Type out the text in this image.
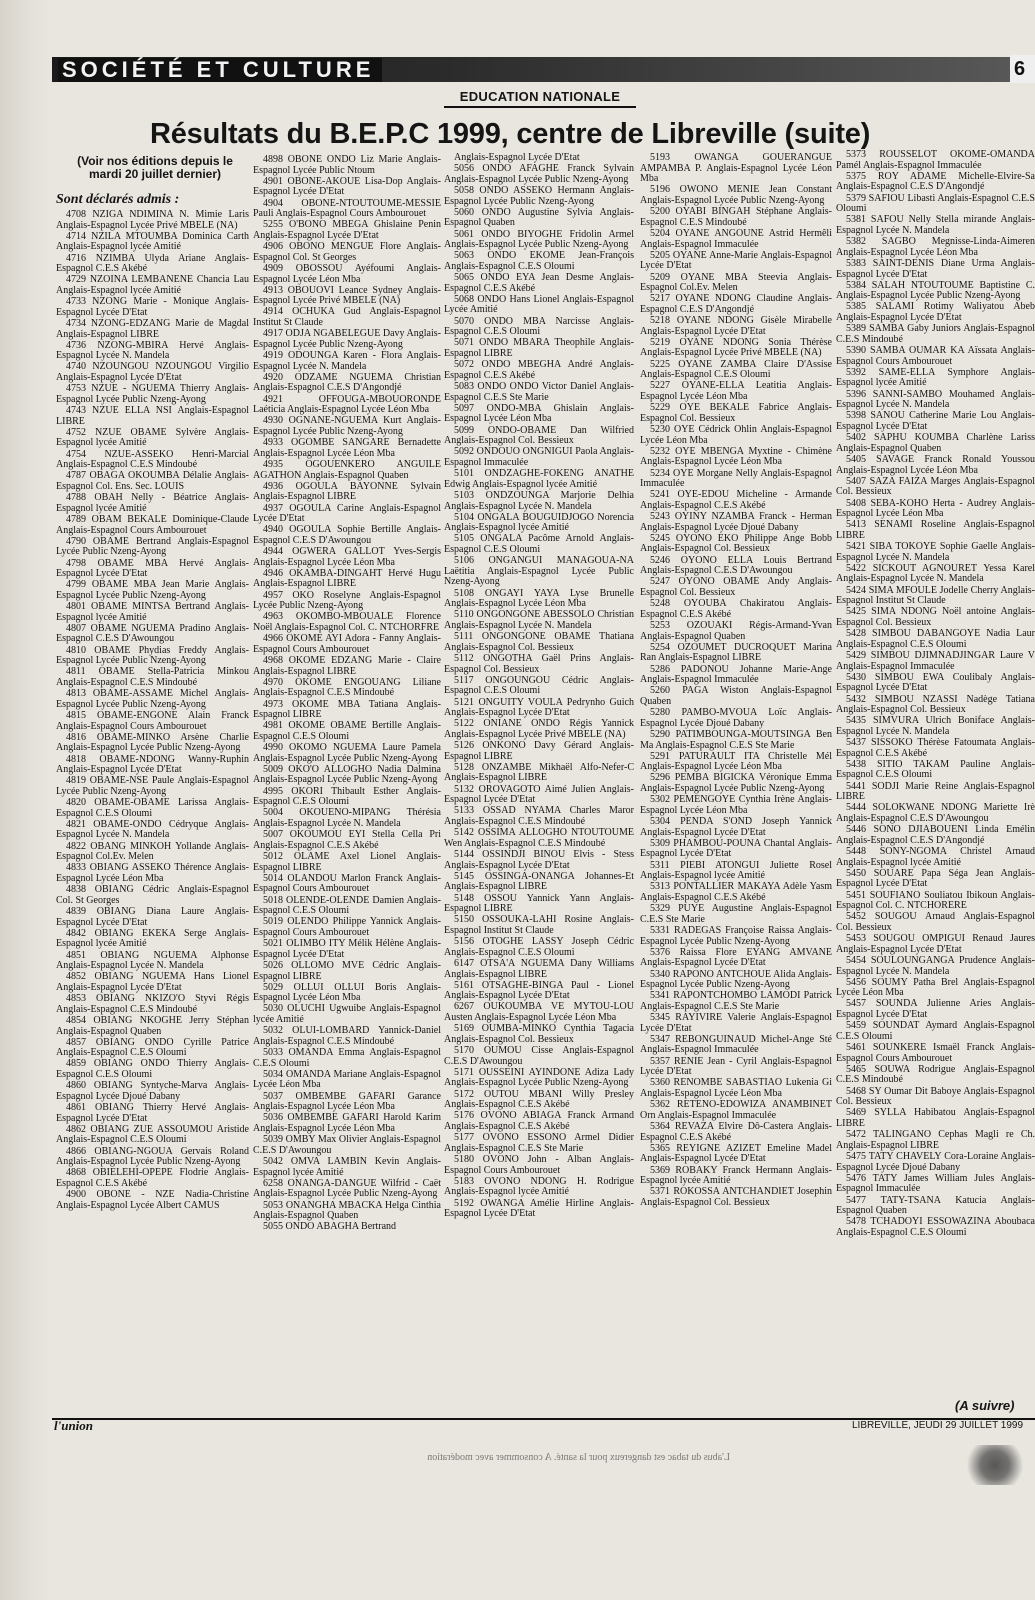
SOCIÉTÉ ET CULTURE	6
EDUCATION NATIONALE
Résultats du B.E.P.C 1999, centre de Libreville (suite)
(Voir nos éditions depuis le mardi 20 juillet dernier)
Sont déclarés admis :

4708 NZIGA NDIMINA N. Mimie Laris Anglais-Espagnol Lycée Privé MBELE (NA)

4714 NZILA MTOUMBA Dominica Carth Anglais-Espagnol lycée Amitié

4716 NZIMBA Ulyda Ariane Anglais-Espagnol C.E.S Akébé

4729 NZOINA LEMBANENE Chancia Lau Anglais-Espagnol lycée Amitié

4733 NZONG Marie - Monique Anglais-Espagnol Lycée D'Etat

4734 NZONG-EDZANG Marie de Magdal Anglais-Espagnol LIBRE

4736 NZONG-MBIRA Hervé Anglais-Espagnol Lycée N. Mandela

4740 NZOUNGOU NZOUNGOU Virgilio Anglais-Espagnol Lycée D'Etat

4753 NZUE - NGUEMA Thierry Anglais-Espagnol Lycée Public Nzeng-Ayong

4743 NZUE ELLA NSI Anglais-Espagnol LIBRE

4752 NZUE OBAME Sylvère Anglais-Espagnol lycée Amitié

4754 NZUE-ASSEKO Henri-Marcial Anglais-Espagnol C.E.S Mindoubé

4787 OBAGA OKOUMBA Délalie Anglais-Espagnol Col. Ens. Sec. LOUIS

4788 OBAH Nelly - Béatrice Anglais-Espagnol lycée Amitié

4789 OBAM BEKALE Dominique-Claude Anglais-Espagnol Cours Ambourouet

4790 OBAME Bertrand Anglais-Espagnol Lycée Public Nzeng-Ayong

4798 OBAME MBA Hervé Anglais-Espagnol Lycée D'Etat

4799 OBAME MBA Jean Marie Anglais-Espagnol Lycée Public Nzeng-Ayong

4801 OBAME MINTSA Bertrand Anglais-Espagnol lycée Amitié

4807 OBAME NGUEMA Pradino Anglais-Espagnol C.E.S D'Awoungou

4810 OBAME Phydias Freddy Anglais-Espagnol Lycée Public Nzeng-Ayong

4811 OBAME Stella-Patricia Minkou Anglais-Espagnol C.E.S Mindoubé

4813 OBAME-ASSAME Michel Anglais-Espagnol Lycée Public Nzeng-Ayong

4815 OBAME-ENGONE Alain Franck Anglais-Espagnol Cours Ambourouet

4816 OBAME-MINKO Arsène Charlie Anglais-Espagnol Lycée Public Nzeng-Ayong

4818 OBAME-NDONG Wanny-Ruphin Anglais-Espagnol Lycée D'Etat

4819 OBAME-NSE Paule Anglais-Espagnol Lycée Public Nzeng-Ayong

4820 OBAME-OBAME Larissa Anglais-Espagnol C.E.S Oloumi

4821 OBAME-ONDO Cédryque Anglais-Espagnol Lycée N. Mandela

4822 OBANG MINKOH Yollande Anglais-Espagnol Col.Ev. Melen

4833 OBIANG ASSEKO Thérence Anglais-Espagnol Lycée Léon Mba

4838 OBIANG Cédric Anglais-Espagnol Col. St Georges

4839 OBIANG Diana Laure Anglais-Espagnol Lycée D'Etat

4842 OBIANG EKEKA Serge Anglais-Espagnol lycée Amitié

4851 OBIANG NGUEMA Alphonse Anglais-Espagnol Lycée N. Mandela

4852 OBIANG NGUEMA Hans Lionel Anglais-Espagnol Lycée D'Etat

4853 OBIANG NKIZO'O Styvi Régis Anglais-Espagnol C.E.S Mindoubé

4854 OBIANG NKOGHE Jerry Stéphan Anglais-Espagnol Quaben

4857 OBIANG ONDO Cyrille Patrice Anglais-Espagnol C.E.S Oloumi

4859 OBIANG ONDO Thierry Anglais-Espagnol C.E.S Oloumi

4860 OBIANG Syntyche-Marva Anglais-Espagnol Lycée Djoué Dabany

4861 OBIANG Thierry Hervé Anglais-Espagnol Lycée D'Etat

4862 OBIANG ZUE ASSOUMOU Aristide Anglais-Espagnol C.E.S Oloumi

4866 OBIANG-NGOUA Gervais Roland Anglais-Espagnol Lycée Public Nzeng-Ayong

4868 OBIELEHI-OPEPE Flodrie Anglais-Espagnol C.E.S Akébé

4900 OBONE - NZE Nadia-Christine Anglais-Espagnol Lycée Albert CAMUS

4898 OBONE ONDO Liz Marie Anglais-Espagnol Lycée Public Ntoum

4901 OBONE-AKOUE Lisa-Dop Anglais-Espagnol Lycée D'Etat

4904 OBONE-NTOUTOUME-MESSIE Pauli Anglais-Espagnol Cours Ambourouet

5255 O'BONO MBEGA Ghislaine Penin Anglais-Espagnol Lycée D'Etat

4906 OBONO MENGUE Flore Anglais-Espagnol Col. St Georges

4909 OBOSSOU Ayéfoumi Anglais-Espagnol Lycée Léon Mba

4913 OBOUOVI Leance Sydney Anglais-Espagnol Lycée Privé MBELE (NA)

4914 OCHUKA Gud Anglais-Espagnol Institut St Claude

4917 ODJA NGABELEGUE Davy Anglais-Espagnol Lycée Public Nzeng-Ayong

4919 ODOUNGA Karen - Flora Anglais-Espagnol Lycée N. Mandela

4920 ODZAME NGUEMA Christian Anglais-Espagnol C.E.S D'Angondjé

4921 OFFOUGA-MBOUORONDE Laéticia Anglais-Espagnol Lycée Léon Mba

4930 OGNANE-NGUEMA Kurt Anglais-Espagnol Lycée Public Nzeng-Ayong

4933 OGOMBE SANGARE Bernadette Anglais-Espagnol Lycée Léon Mba

4935 OGOUENKERO ANGUILE AGATHON Anglais-Espagnol Quaben

4936 OGOULA BAYONNE Sylvain Anglais-Espagnol LIBRE

4937 OGOULA Carine Anglais-Espagnol Lycée D'Etat

4940 OGOULA Sophie Bertille Anglais-Espagnol C.E.S D'Awoungou

4944 OGWERA GALLOT Yves-Sergis Anglais-Espagnol Lycée Léon Mba

4946 OKAMBA-DINGAHT Hervé Hugu Anglais-Espagnol LIBRE

4957 OKO Roselyne Anglais-Espagnol Lycée Public Nzeng-Ayong

4963 OKOMBO-MBOUALE Florence Noël Anglais-Espagnol Col. C. NTCHORFRE

4966 OKOME AYI Adora - Fanny Anglais-Espagnol Cours Ambourouet

4968 OKOME EDZANG Marie - Claire Anglais-Espagnol LIBRE

4970 OKOME ENGOUANG Liliane Anglais-Espagnol C.E.S Mindoubé

4973 OKOME MBA Tatiana Anglais-Espagnol LIBRE

4981 OKOME OBAME Bertille Anglais-Espagnol C.E.S Oloumi

4990 OKOMO NGUEMA Laure Pamela Anglais-Espagnol Lycée Public Nzeng-Ayong

5009 OKO'O ALLOGHO Nadia Dalmina Anglais-Espagnol Lycée Public Nzeng-Ayong

4995 OKORI Thibault Esther Anglais-Espagnol C.E.S Oloumi

5004 OKOUENO-MIPANG Thérésia Anglais-Espagnol Lycée N. Mandela

5007 OKOUMOU EYI Stella Cella Pri Anglais-Espagnol C.E.S Akébé

5012 OLAME Axel Lionel Anglais-Espagnol LIBRE

5014 OLANDOU Marlon Franck Anglais-Espagnol Cours Ambourouet

5018 OLENDE-OLENDE Damien Anglais-Espagnol C.E.S Oloumi

5019 OLENDO Philippe Yannick Anglais-Espagnol Cours Ambourouet

5021 OLIMBO ITY Mélik Hélène Anglais-Espagnol Lycée D'Etat

5026 OLLOMO MVE Cédric Anglais-Espagnol LIBRE

5029 OLLUI OLLUI Boris Anglais-Espagnol Lycée Léon Mba

5030 OLUCHI Ugwuibe Anglais-Espagnol lycée Amitié

5032 OLUI-LOMBARD Yannick-Daniel Anglais-Espagnol C.E.S Mindoubé

5033 OMANDA Emma Anglais-Espagnol C.E.S Oloumi

5034 OMANDA Mariane Anglais-Espagnol Lycée Léon Mba

5037 OMBEMBE GAFARI Garance Anglais-Espagnol Lycée Léon Mba

5036 OMBEMBE GAFARI Harold Karim Anglais-Espagnol Lycée Léon Mba

5039 OMBY Max Olivier Anglais-Espagnol C.E.S D'Awoungou

5042 OMVA LAMBIN Kevin Anglais-Espagnol lycée Amitié

6258 ONANGA-DANGUE Wilfrid - Caët Anglais-Espagnol Lycée Public Nzeng-Ayong

5053 ONANGHA MBACKA Helga Cinthia Anglais-Espagnol Quaben

5055 ONDO ABAGHA Bertrand

Anglais-Espagnol Lycée D'Etat

5056 ONDO AFAGHE Franck Sylvain Anglais-Espagnol Lycée Public Nzeng-Ayong

5058 ONDO ASSEKO Hermann Anglais-Espagnol Lycée Public Nzeng-Ayong

5060 ONDO Augustine Sylvia Anglais-Espagnol Quaben

5061 ONDO BIYOGHE Fridolin Armel Anglais-Espagnol Lycée Public Nzeng-Ayong

5063 ONDO EKOME Jean-François Anglais-Espagnol C.E.S Oloumi

5065 ONDO EYA Jean Desme Anglais-Espagnol C.E.S Akébé

5068 ONDO Hans Lionel Anglais-Espagnol Lycée Amitié

5070 ONDO MBA Narcisse Anglais-Espagnol C.E.S Oloumi

5071 ONDO MBARA Theophile Anglais-Espagnol LIBRE

5072 ONDO MBEGHA André Anglais-Espagnol C.E.S Akébé

5083 ONDO ONDO Victor Daniel Anglais-Espagnol C.E.S Ste Marie

5097 ONDO-MBA Ghislain Anglais-Espagnol Lycée Léon Mba

5099 ONDO-OBAME Dan Wilfried Anglais-Espagnol Col. Bessieux

5092 ONDOUO ONGNIGUI Paola Anglais-Espagnol Immaculée

5101 ONDZAGHE-FOKENG ANATHE Edwig Anglais-Espagnol lycée Amitié

5103 ONDZOUNGA Marjorie Delhia Anglais-Espagnol Lycée N. Mandela

5104 ONGALA BOUGUIDJOGO Norencia Anglais-Espagnol lycée Amitié

5105 ONGALA Pacôme Arnold Anglais-Espagnol C.E.S Oloumi

5106 ONGANGUI MANAGOUA-NA Laëtitia Anglais-Espagnol Lycée Public Nzeng-Ayong

5108 ONGAYI YAYA Lyse Brunelle Anglais-Espagnol Lycée Léon Mba

5110 ONGONGONE ABESSOLO Christian Anglais-Espagnol Lycée N. Mandela

5111 ONGONGONE OBAME Thatiana Anglais-Espagnol Col. Bessieux

5112 ONGOTHA Gaël Prins Anglais-Espagnol Col. Bessieux

5117 ONGOUNGOU Cédric Anglais-Espagnol C.E.S Oloumi

5121 ONGUITY VOULA Pedrynho Guich Anglais-Espagnol Lycée D'Etat

5122 ONIANE ONDO Régis Yannick Anglais-Espagnol Lycée Privé MBELE (NA)

5126 ONKONO Davy Gérard Anglais-Espagnol LIBRE

5128 ONZAMBE Mikhaël Alfo-Nefer-C Anglais-Espagnol LIBRE

5132 OROVAGOTO Aimé Julien Anglais-Espagnol Lycée D'Etat

5133 OSSAD NYAMA Charles Maror Anglais-Espagnol C.E.S Mindoubé

5142 OSSIMA ALLOGHO NTOUTOUME Wen Anglais-Espagnol C.E.S Mindoubé

5144 OSSINDJI BINOU Elvis - Stess Anglais-Espagnol Lycée D'Etat

5145 OSSINGA-ONANGA Johannes-Et Anglais-Espagnol LIBRE

5148 OSSOU Yannick Yann Anglais-Espagnol LIBRE

5150 OSSOUKA-LAHI Rosine Anglais-Espagnol Institut St Claude

5156 OTOGHE LASSY Joseph Cédric Anglais-Espagnol C.E.S Oloumi

6147 OTSA'A NGUEMA Dany Williams Anglais-Espagnol LIBRE

5161 OTSAGHE-BINGA Paul - Lionel Anglais-Espagnol Lycée D'Etat

6267 OUKOUMBA VE MYTOU-LOU Austen Anglais-Espagnol Lycée Léon Mba

5169 OUMBA-MINKO Cynthia Tagacia Anglais-Espagnol Col. Bessieux

5170 OUMOU Cisse Anglais-Espagnol C.E.S D'Awoungou

5171 OUSSEINI AYINDONE Adiza Lady Anglais-Espagnol Lycée Public Nzeng-Ayong

5172 OUTOU MBANI Willy Presley Anglais-Espagnol C.E.S Akébé

5176 OVONO ABIAGA Franck Armand Anglais-Espagnol C.E.S Akébé

5177 OVONO ESSONO Armel Didier Anglais-Espagnol C.E.S Ste Marie

5180 OVONO John - Alban Anglais-Espagnol Cours Ambourouet

5183 OVONO NDONG H. Rodrigue Anglais-Espagnol lycée Amitié

5192 OWANGA Amélie Hirline Anglais-Espagnol Lycée D'Etat

5193 OWANGA GOUERANGUE AMPAMBA P. Anglais-Espagnol Lycée Léon Mba

5196 OWONO MENIE Jean Constant Anglais-Espagnol Lycée Public Nzeng-Ayong

5200 OYABI BINGAH Stéphane Anglais-Espagnol C.E.S Mindoubé

5204 OYANE ANGOUNE Astrid Hermêli Anglais-Espagnol Immaculée

5205 OYANE Anne-Marie Anglais-Espagnol Lycée D'Etat

5209 OYANE MBA Steevia Anglais-Espagnol Col.Ev. Melen

5217 OYANE NDONG Claudine Anglais-Espagnol C.E.S D'Angondjé

5218 OYANE NDONG Gisèle Mirabelle Anglais-Espagnol Lycée D'Etat

5219 OYANE NDONG Sonia Thérèse Anglais-Espagnol Lycée Privé MBELE (NA)

5225 OYANE ZAMBA Claire D'Assise Anglais-Espagnol C.E.S Oloumi

5227 OYANE-ELLA Leatitia Anglais-Espagnol Lycée Léon Mba

5229 OYE BEKALE Fabrice Anglais-Espagnol Col. Bessieux

5230 OYE Cédrick Ohlin Anglais-Espagnol Lycée Léon Mba

5232 OYE MBENGA Myxtine - Chimène Anglais-Espagnol Lycée Léon Mba

5234 OYE Morgane Nelly Anglais-Espagnol Immaculée

5241 OYE-EDOU Micheline - Armande Anglais-Espagnol C.E.S Akébé

5243 OYINY NZAMBA Franck - Herman Anglais-Espagnol Lycée Djoué Dabany

5245 OYONO EKO Philippe Ange Bobb Anglais-Espagnol Col. Bessieux

5246 OYONO ELLA Louis Bertrand Anglais-Espagnol C.E.S D'Awoungou

5247 OYONO OBAME Andy Anglais-Espagnol Col. Bessieux

5248 OYOUBA Chakiratou Anglais-Espagnol C.E.S Akébé

5253 OZOUAKI Régis-Armand-Yvan Anglais-Espagnol Quaben

5254 OZOUMET DUCROQUET Marina Ran Anglais-Espagnol LIBRE

5286 PADONOU Johanne Marie-Ange Anglais-Espagnol Immaculée

5260 PAGA Wiston Anglais-Espagnol Quaben

5280 PAMBO-MVOUA Loïc Anglais-Espagnol Lycée Djoué Dabany

5290 PATIMBOUNGA-MOUTSINGA Ben Ma Anglais-Espagnol C.E.S Ste Marie

5291 PATURAULT ITA Christelle Mél Anglais-Espagnol Lycée Léon Mba

5296 PEMBA BIGICKA Véronique Emma Anglais-Espagnol Lycée Public Nzeng-Ayong

5302 PEMENGOYE Cynthia Irène Anglais-Espagnol Lycée Léon Mba

5304 PENDA S'OND Joseph Yannick Anglais-Espagnol Lycée D'Etat

5309 PHAMBOU-POUNA Chantal Anglais-Espagnol Lycée D'Etat

5311 PIEBI ATONGUI Juliette Rosel Anglais-Espagnol lycée Amitié

5313 PONTALLIER MAKAYA Adèle Yasm Anglais-Espagnol C.E.S Akébé

5329 PUYE Augustine Anglais-Espagnol C.E.S Ste Marie

5331 RADEGAS Françoise Raissa Anglais-Espagnol Lycée Public Nzeng-Ayong

5376 Raissa Flore EYANG AMVANE Anglais-Espagnol Lycée D'Etat

5340 RAPONO ANTCHOUE Alida Anglais-Espagnol Lycée Public Nzeng-Ayong

5341 RAPONTCHOMBO LAMODI Patrick Anglais-Espagnol C.E.S Ste Marie

5345 RAYIVIRE Valerie Anglais-Espagnol Lycée D'Etat

5347 REBONGUINAUD Michel-Ange Sté Anglais-Espagnol Immaculée

5357 RENIE Jean - Cyril Anglais-Espagnol Lycée D'Etat

5360 RENOMBE SABASTIAO Lukenia Gi Anglais-Espagnol Lycée Léon Mba

5362 RETENO-EDOWIZA ANAMBINET Orn Anglais-Espagnol Immaculée

5364 REVAZA Elvire Dô-Castera Anglais-Espagnol C.E.S Akébé

5365 REYIGNE AZIZET Emeline Madel Anglais-Espagnol Lycée D'Etat

5369 ROBAKY Franck Hermann Anglais-Espagnol lycée Amitié

5371 ROKOSSA ANTCHANDIET Josephin Anglais-Espagnol Col. Bessieux

5373 ROUSSELOT OKOME-OMANDA Pamél Anglais-Espagnol Immaculée

5375 ROY ADAME Michelle-Elvire-Sa Anglais-Espagnol C.E.S D'Angondjé

5379 SAFIOU Libasti Anglais-Espagnol C.E.S Oloumi

5381 SAFOU Nelly Stella mirande Anglais-Espagnol Lycée N. Mandela

5382 SAGBO Megnisse-Linda-Aimeren Anglais-Espagnol Lycée Léon Mba

5383 SAINT-DENIS Diane Urma Anglais-Espagnol Lycée D'Etat

5384 SALAH NTOUTOUME Baptistine C. Anglais-Espagnol Lycée Public Nzeng-Ayong

5385 SALAMI Rotimy Waliyatou Abeb Anglais-Espagnol Lycée D'Etat

5389 SAMBA Gaby Juniors Anglais-Espagnol C.E.S Mindoubé

5390 SAMBA OUMAR KA Aïssata Anglais-Espagnol Cours Ambourouet

5392 SAME-ELLA Symphore Anglais-Espagnol lycée Amitié

5396 SANNI-SAMBO Mouhamed Anglais-Espagnol Lycée N. Mandela

5398 SANOU Catherine Marie Lou Anglais-Espagnol Lycée D'Etat

5402 SAPHU KOUMBA Charlène Lariss Anglais-Espagnol Quaben

5405 SAVAGE Franck Ronald Youssou Anglais-Espagnol Lycée Léon Mba

5407 SAZA FAIZA Marges Anglais-Espagnol Col. Bessieux

5408 SEBA-KOHO Herta - Audrey Anglais-Espagnol Lycée Léon Mba

5413 SENAMI Roseline Anglais-Espagnol LIBRE

5421 SIBA TOKOYE Sophie Gaelle Anglais-Espagnol Lycée N. Mandela

5422 SICKOUT AGNOURET Yessa Karel Anglais-Espagnol Lycée N. Mandela

5424 SIMA MFOULE Jodelle Cherry Anglais-Espagnol Institut St Claude

5425 SIMA NDONG Noël antoine Anglais-Espagnol Col. Bessieux

5428 SIMBOU DABANGOYE Nadia Laur Anglais-Espagnol C.E.S Oloumi

5429 SIMBOU DJIMNADJINGAR Laure V Anglais-Espagnol Immaculée

5430 SIMBOU EWA Coulibaly Anglais-Espagnol Lycée D'Etat

5432 SIMBOU NZASSI Nadège Tatiana Anglais-Espagnol Col. Bessieux

5435 SIMVURA Ulrich Boniface Anglais-Espagnol Lycée N. Mandela

5437 SISSOKO Thérèse Fatoumata Anglais-Espagnol C.E.S Akébé

5438 SITIO TAKAM Pauline Anglais-Espagnol C.E.S Oloumi

5441 SODJI Marie Reine Anglais-Espagnol LIBRE

5444 SOLOKWANE NDONG Mariette Irè Anglais-Espagnol C.E.S D'Awoungou

5446 SONO DJIABOUENI Linda Emélin Anglais-Espagnol C.E.S D'Angondjé

5448 SONY-NGOMA Christel Arnaud Anglais-Espagnol lycée Amitié

5450 SOUARE Papa Séga Jean Anglais-Espagnol Lycée D'Etat

5451 SOUFIANO Souliatou Ibikoun Anglais-Espagnol Col. C. NTCHORERE

5452 SOUGOU Arnaud Anglais-Espagnol Col. Bessieux

5453 SOUGOU OMPIGUI Renaud Jaures Anglais-Espagnol Lycée D'Etat

5454 SOULOUNGANGA Prudence Anglais-Espagnol Lycée N. Mandela

5456 SOUMY Patha Brel Anglais-Espagnol Lycée Léon Mba

5457 SOUNDA Julienne Aries Anglais-Espagnol Lycée D'Etat

5459 SOUNDAT Aymard Anglais-Espagnol C.E.S Oloumi

5461 SOUNKERE Ismaël Franck Anglais-Espagnol Cours Ambourouet

5465 SOUWA Rodrigue Anglais-Espagnol C.E.S Mindoubé

5468 SY Oumar Dit Baboye Anglais-Espagnol Col. Bessieux

5469 SYLLA Habibatou Anglais-Espagnol LIBRE

5472 TALINGANO Cephas Magli re Ch. Anglais-Espagnol LIBRE

5475 TATY CHAVELY Cora-Loraine Anglais-Espagnol Lycée Djoué Dabany

5476 TATY James William Jules Anglais-Espagnol Immaculée

5477 TATY-TSANA Katucia Anglais-Espagnol Quaben

5478 TCHADOYI ESSOWAZINA Aboubaca Anglais-Espagnol C.E.S Oloumi

(A suivre)
l'union	LIBREVILLE, JEUDI 29 JUILLET 1999
L'abus du tabac est dangereux pour la santé. A consommer avec modération
